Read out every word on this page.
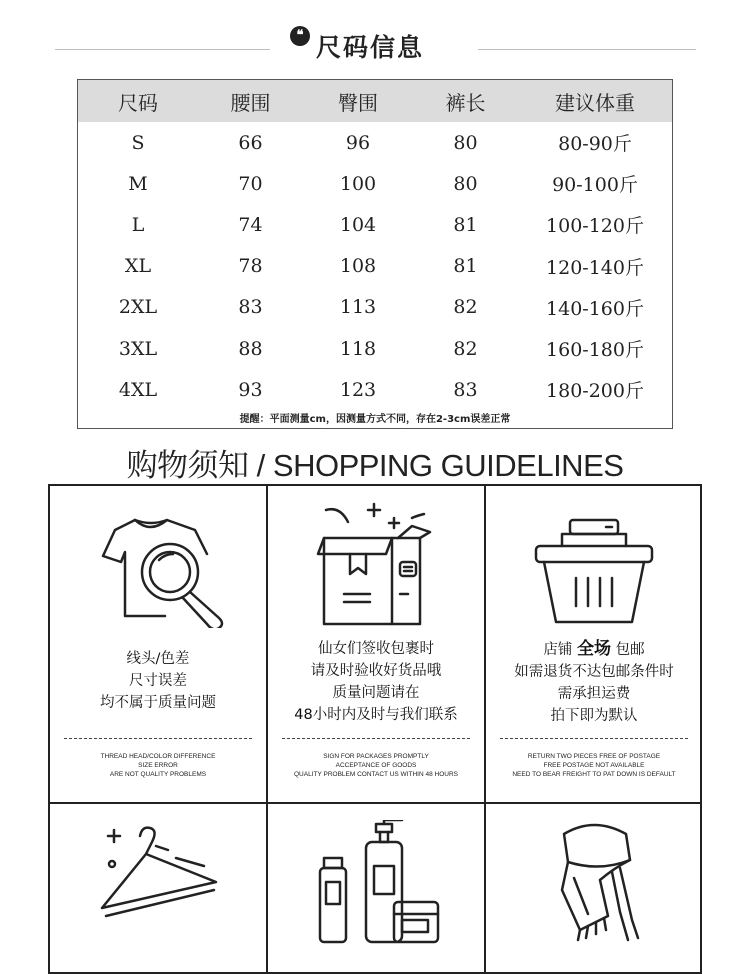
❝ 尺码信息
尺码	腰围	臀围	裤长	建议体重
S	66	96	80	80-90斤
M	70	100	80	90-100斤
L	74	104	81	100-120斤
XL	78	108	81	120-140斤
2XL	83	113	82	140-160斤
3XL	88	118	82	160-180斤
4XL	93	123	83	180-200斤
提醒：平面测量cm，因测量方式不同，存在2-3cm误差正常
购物须知 / SHOPPING GUIDELINES
线头/色差
尺寸误差
均不属于质量问题
THREAD HEAD/COLOR DIFFERENCE
SIZE ERROR
ARE NOT QUALITY PROBLEMS
仙女们签收包裹时
请及时验收好货品哦
质量问题请在
48小时内及时与我们联系
SIGN FOR PACKAGES PROMPTLY
ACCEPTANCE OF GOODS
QUALITY PROBLEM CONTACT US WITHIN 48 HOURS
店铺 全场 包邮
如需退货不达包邮条件时
需承担运费
拍下即为默认
RETURN TWO PIECES FREE OF POSTAGE
FREE POSTAGE NOT AVAILABLE
NEED TO BEAR FREIGHT TO PAT DOWN IS DEFAULT
